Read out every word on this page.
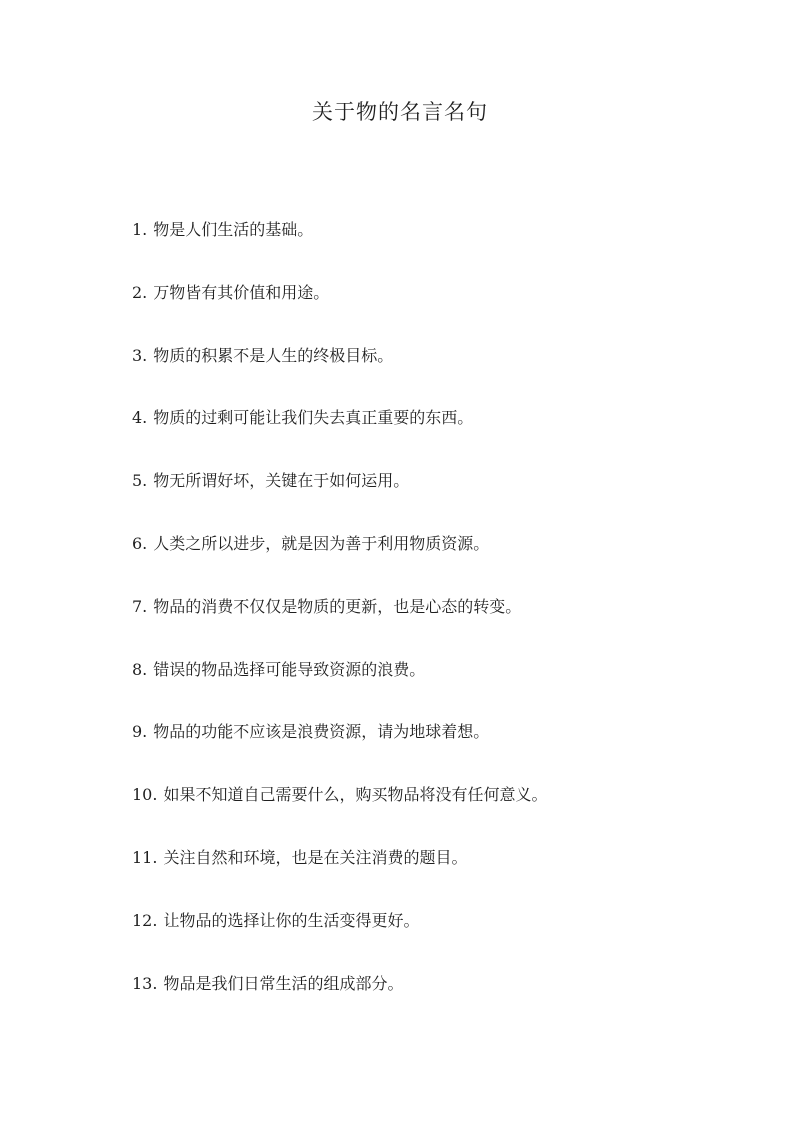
关于物的名言名句
1. 物是人们生活的基础。
2. 万物皆有其价值和用途。
3. 物质的积累不是人生的终极目标。
4. 物质的过剩可能让我们失去真正重要的东西。
5. 物无所谓好坏，关键在于如何运用。
6. 人类之所以进步，就是因为善于利用物质资源。
7. 物品的消费不仅仅是物质的更新，也是心态的转变。
8. 错误的物品选择可能导致资源的浪费。
9. 物品的功能不应该是浪费资源，请为地球着想。
10. 如果不知道自己需要什么，购买物品将没有任何意义。
11. 关注自然和环境，也是在关注消费的题目。
12. 让物品的选择让你的生活变得更好。
13. 物品是我们日常生活的组成部分。
